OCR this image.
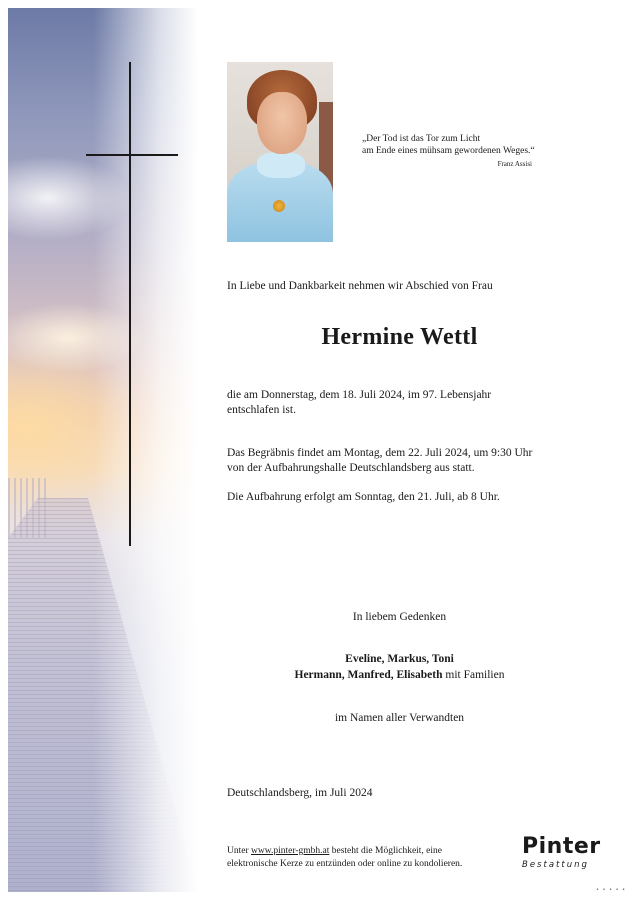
„Der Tod ist das Tor zum Licht
am Ende eines mühsam gewordenen Weges.“
Franz Assisi
In Liebe und Dankbarkeit nehmen wir Abschied von Frau
Hermine Wettl
die am Donnerstag, dem 18. Juli 2024, im 97. Lebensjahr
entschlafen ist.
Das Begräbnis findet am Montag, dem 22. Juli 2024, um 9:30 Uhr
von der Aufbahrungshalle Deutschlandsberg aus statt.
Die Aufbahrung erfolgt am Sonntag, den 21. Juli, ab 8 Uhr.
In liebem Gedenken
Eveline, Markus, Toni
Hermann, Manfred, Elisabeth mit Familien
im Namen aller Verwandten
Deutschlandsberg, im Juli 2024
Unter www.pinter-gmbh.at besteht die Möglichkeit, eine
elektronische Kerze zu entzünden oder online zu kondolieren.
Pinter
Bestattung
• • • • •
